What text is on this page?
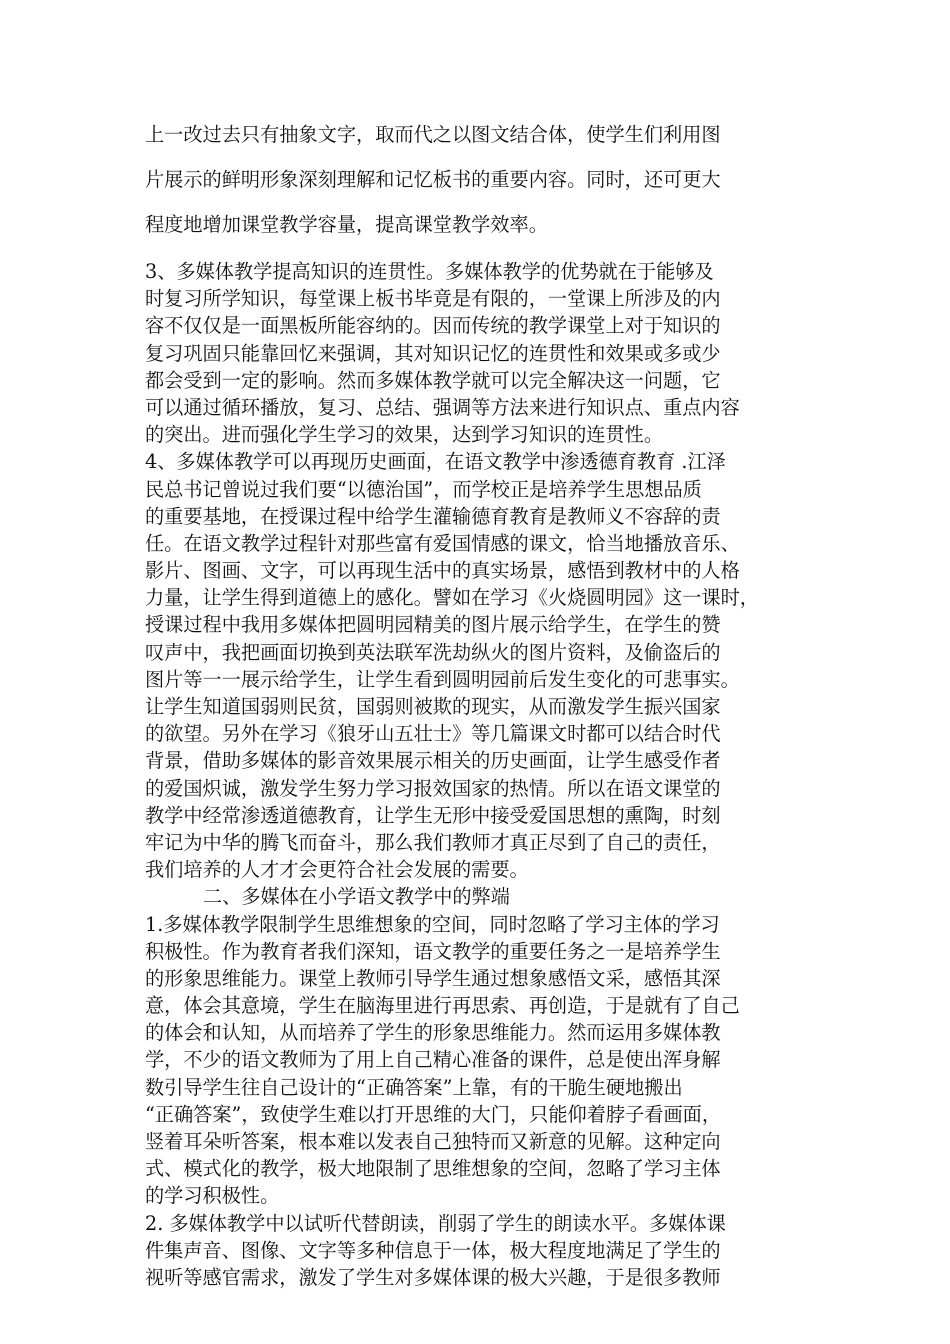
上一改过去只有抽象文字，取而代之以图文结合体，使学生们利用图
片展示的鲜明形象深刻理解和记忆板书的重要内容。同时，还可更大
程度地增加课堂教学容量，提高课堂教学效率。
3、多媒体教学提高知识的连贯性。多媒体教学的优势就在于能够及
时复习所学知识，每堂课上板书毕竟是有限的，一堂课上所涉及的内
容不仅仅是一面黑板所能容纳的。因而传统的教学课堂上对于知识的
复习巩固只能靠回忆来强调，其对知识记忆的连贯性和效果或多或少
都会受到一定的影响。然而多媒体教学就可以完全解决这一问题，它
可以通过循环播放，复习、总结、强调等方法来进行知识点、重点内容
的突出。进而强化学生学习的效果，达到学习知识的连贯性。
4、多媒体教学可以再现历史画面，在语文教学中渗透德育教育 .江泽
民总书记曾说过我们要“以德治国”，而学校正是培养学生思想品质
的重要基地，在授课过程中给学生灌输德育教育是教师义不容辞的责
任。在语文教学过程针对那些富有爱国情感的课文，恰当地播放音乐、
影片、图画、文字，可以再现生活中的真实场景，感悟到教材中的人格
力量，让学生得到道德上的感化。譬如在学习《火烧圆明园》这一课时，
授课过程中我用多媒体把圆明园精美的图片展示给学生，在学生的赞
叹声中，我把画面切换到英法联军洗劫纵火的图片资料，及偷盗后的
图片等一一展示给学生，让学生看到圆明园前后发生变化的可悲事实。
让学生知道国弱则民贫，国弱则被欺的现实，从而激发学生振兴国家
的欲望。另外在学习《狼牙山五壮士》等几篇课文时都可以结合时代
背景，借助多媒体的影音效果展示相关的历史画面，让学生感受作者
的爱国炽诚，激发学生努力学习报效国家的热情。所以在语文课堂的
教学中经常渗透道德教育，让学生无形中接受爱国思想的熏陶，时刻
牢记为中华的腾飞而奋斗，那么我们教师才真正尽到了自己的责任，
我们培养的人才才会更符合社会发展的需要。
二、多媒体在小学语文教学中的弊端
1.多媒体教学限制学生思维想象的空间，同时忽略了学习主体的学习
积极性。作为教育者我们深知，语文教学的重要任务之一是培养学生
的形象思维能力。课堂上教师引导学生通过想象感悟文采，感悟其深
意，体会其意境，学生在脑海里进行再思索、再创造，于是就有了自己
的体会和认知，从而培养了学生的形象思维能力。然而运用多媒体教
学，不少的语文教师为了用上自己精心准备的课件，总是使出浑身解
数引导学生往自己设计的“正确答案”上靠，有的干脆生硬地搬出
“正确答案”，致使学生难以打开思维的大门，只能仰着脖子看画面，
竖着耳朵听答案，根本难以发表自己独特而又新意的见解。这种定向
式、模式化的教学，极大地限制了思维想象的空间，忽略了学习主体
的学习积极性。
2. 多媒体教学中以试听代替朗读，削弱了学生的朗读水平。多媒体课
件集声音、图像、文字等多种信息于一体，极大程度地满足了学生的
视听等感官需求，激发了学生对多媒体课的极大兴趣，于是很多教师
